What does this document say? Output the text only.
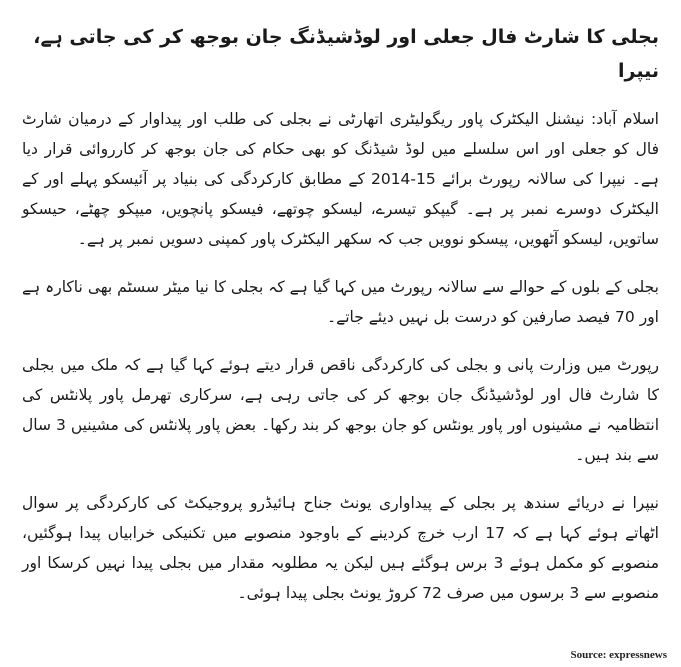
بجلی کا شارٹ فال جعلی اور لوڈشیڈنگ جان بوجھ کر کی جاتی ہے، نیپرا

اسلام آباد: نیشنل الیکٹرک پاور ریگولیٹری اتھارٹی نے بجلی کی طلب اور پیداوار کے درمیان شارٹ فال کو جعلی اور اس سلسلے میں لوڈ شیڈنگ کو بھی حکام کی جان بوجھ کر کارروائی قرار دیا ہے۔ نیپرا کی سالانہ رپورٹ برائے 15-2014 کے مطابق کارکردگی کی بنیاد پر آئیسکو پہلے اور کے الیکٹرک دوسرے نمبر پر ہے۔ گیپکو تیسرے، لیسکو چوتھے، فیسکو پانچویں، میپکو چھٹے، حیسکو ساتویں، لیسکو آٹھویں، پیسکو نوویں جب کہ سکھر الیکٹرک پاور کمپنی دسویں نمبر پر ہے۔

بجلی کے بلوں کے حوالے سے سالانہ رپورٹ میں کہا گیا ہے کہ بجلی کا نیا میٹر سسٹم بھی ناکارہ ہے اور 70 فیصد صارفین کو درست بل نہیں دیئے جاتے۔

رپورٹ میں وزارت پانی و بجلی کی کارکردگی ناقص قرار دیتے ہوئے کہا گیا ہے کہ ملک میں بجلی کا شارٹ فال اور لوڈشیڈنگ جان بوجھ کر کی جاتی رہی ہے، سرکاری تھرمل پاور پلانٹس کی انتظامیہ نے مشینوں اور پاور یونٹس کو جان بوجھ کر بند رکھا۔ بعض پاور پلانٹس کی مشینیں 3 سال سے بند ہیں۔

نیپرا نے دریائے سندھ پر بجلی کے پیداواری یونٹ جناح ہائیڈرو پروجیکٹ کی کارکردگی پر سوال اٹھاتے ہوئے کہا ہے کہ 17 ارب خرچ کردینے کے باوجود منصوبے میں تکنیکی خرابیاں پیدا ہوگئیں، منصوبے کو مکمل ہوئے 3 برس ہوگئے ہیں لیکن یہ مطلوبہ مقدار میں بجلی پیدا نہیں کرسکا اور منصوبے سے 3 برسوں میں صرف 72 کروڑ یونٹ بجلی پیدا ہوئی۔

Source: expressnews
